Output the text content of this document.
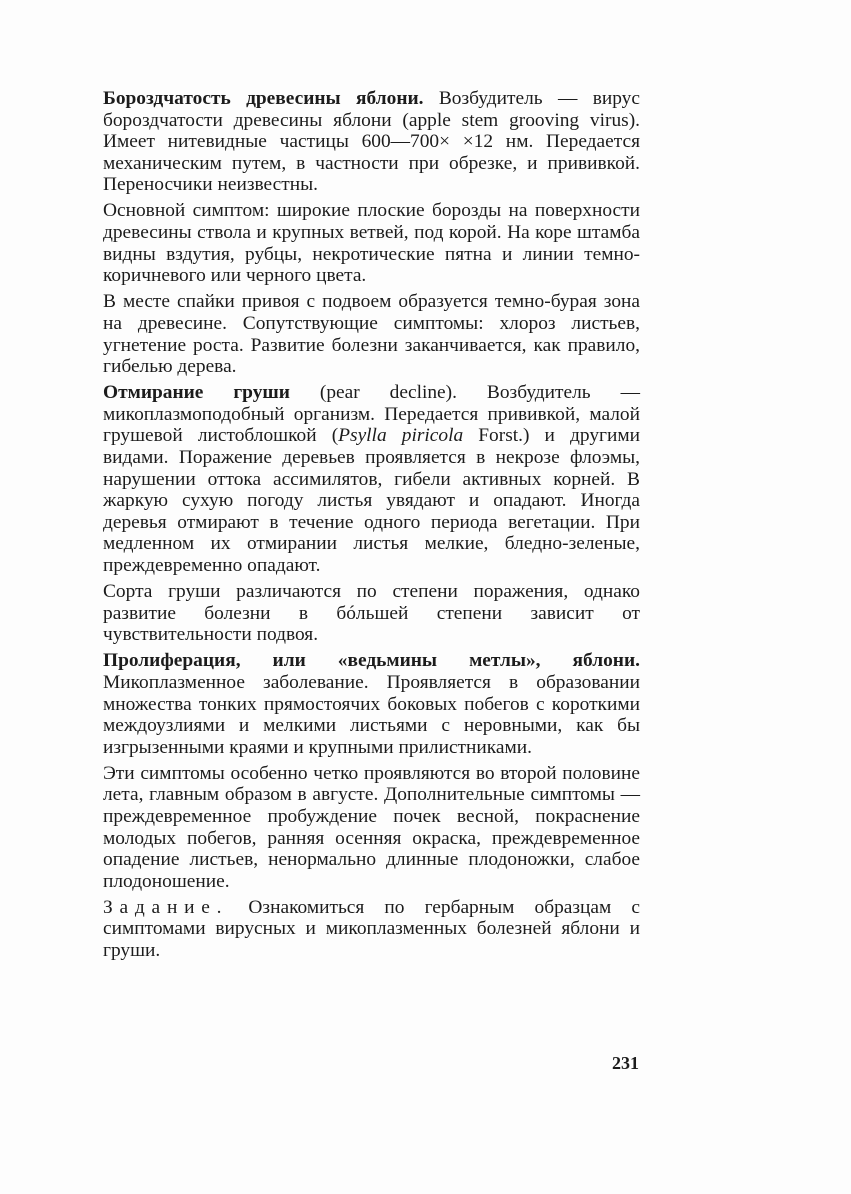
Бороздчатость древесины яблони. Возбудитель — вирус бороздчатости древесины яблони (apple stem grooving virus). Имеет нитевидные частицы 600—700× ×12 нм. Передается механическим путем, в частности при обрезке, и прививкой. Переносчики неизвестны.

Основной симптом: широкие плоские борозды на поверхности древесины ствола и крупных ветвей, под корой. На коре штамба видны вздутия, рубцы, некротические пятна и линии темно-коричневого или черного цвета.

В месте спайки привоя с подвоем образуется темно-бурая зона на древесине. Сопутствующие симптомы: хлороз листьев, угнетение роста. Развитие болезни заканчивается, как правило, гибелью дерева.

Отмирание груши (pear decline). Возбудитель — микоплазмоподобный организм. Передается прививкой, малой грушевой листоблошкой (Psylla piricola Forst.) и другими видами. Поражение деревьев проявляется в некрозе флоэмы, нарушении оттока ассимилятов, гибели активных корней. В жаркую сухую погоду листья увядают и опадают. Иногда деревья отмирают в течение одного периода вегетации. При медленном их отмирании листья мелкие, бледно-зеленые, преждевременно опадают.

Сорта груши различаются по степени поражения, однако развитие болезни в бóльшей степени зависит от чувствительности подвоя.

Пролиферация, или «ведьмины метлы», яблони. Микоплазменное заболевание. Проявляется в образовании множества тонких прямостоячих боковых побегов с короткими междоузлиями и мелкими листьями с неровными, как бы изгрызенными краями и крупными прилистниками.

Эти симптомы особенно четко проявляются во второй половине лета, главным образом в августе. Дополнительные симптомы — преждевременное пробуждение почек весной, покраснение молодых побегов, ранняя осенняя окраска, преждевременное опадение листьев, ненормально длинные плодоножки, слабое плодоношение.

Задание. Ознакомиться по гербарным образцам с симптомами вирусных и микоплазменных болезней яблони и груши.

231
